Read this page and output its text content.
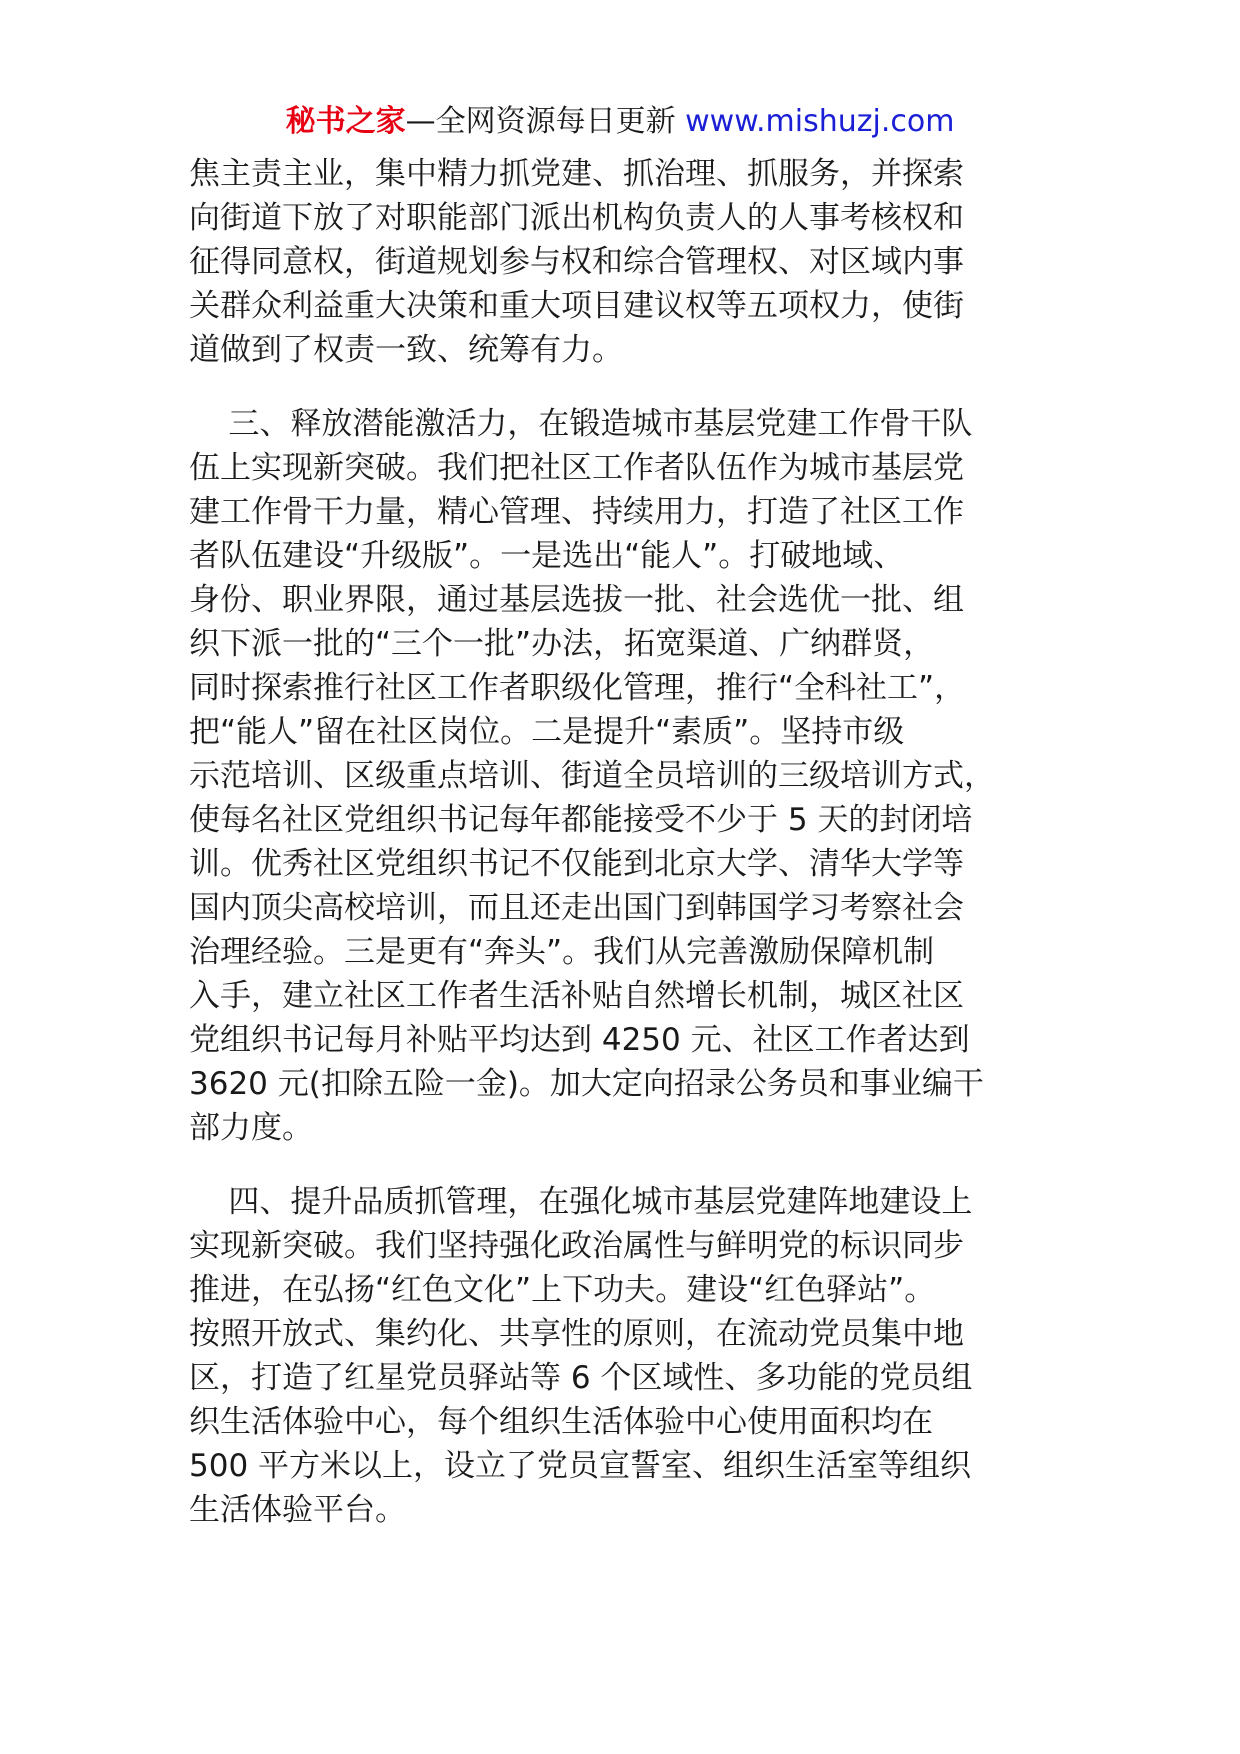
秘书之家—全网资源每日更新 www.mishuzj.com
焦主责主业，集中精力抓党建、抓治理、抓服务，并探索
向街道下放了对职能部门派出机构负责人的人事考核权和
征得同意权，街道规划参与权和综合管理权、对区域内事
关群众利益重大决策和重大项目建议权等五项权力，使街
道做到了权责一致、统筹有力。
三、释放潜能激活力，在锻造城市基层党建工作骨干队
伍上实现新突破。我们把社区工作者队伍作为城市基层党
建工作骨干力量，精心管理、持续用力，打造了社区工作
者队伍建设“升级版”。一是选出“能人”。打破地域、
身份、职业界限，通过基层选拔一批、社会选优一批、组
织下派一批的“三个一批”办法，拓宽渠道、广纳群贤，
同时探索推行社区工作者职级化管理，推行“全科社工”，
把“能人”留在社区岗位。二是提升“素质”。坚持市级
示范培训、区级重点培训、街道全员培训的三级培训方式，
使每名社区党组织书记每年都能接受不少于 5 天的封闭培
训。优秀社区党组织书记不仅能到北京大学、清华大学等
国内顶尖高校培训，而且还走出国门到韩国学习考察社会
治理经验。三是更有“奔头”。我们从完善激励保障机制
入手，建立社区工作者生活补贴自然增长机制，城区社区
党组织书记每月补贴平均达到 4250 元、社区工作者达到
3620 元(扣除五险一金)。加大定向招录公务员和事业编干
部力度。
四、提升品质抓管理，在强化城市基层党建阵地建设上
实现新突破。我们坚持强化政治属性与鲜明党的标识同步
推进，在弘扬“红色文化”上下功夫。建设“红色驿站”。
按照开放式、集约化、共享性的原则，在流动党员集中地
区，打造了红星党员驿站等 6 个区域性、多功能的党员组
织生活体验中心，每个组织生活体验中心使用面积均在
500 平方米以上，设立了党员宣誓室、组织生活室等组织
生活体验平台。
